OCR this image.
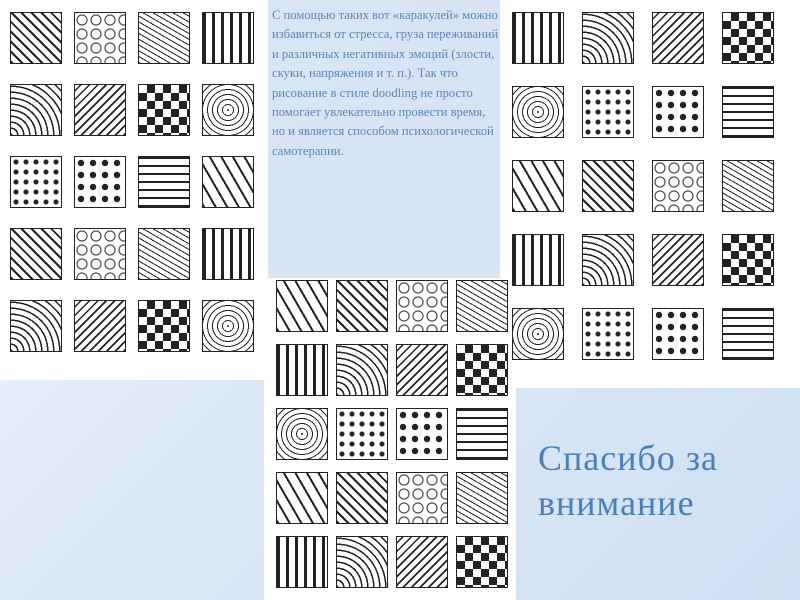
С помощью таких вот «каракулей» можно избавиться от стресса, груза переживаний и различных негативных эмоций (злости, скуки, напряжения и т. п.). Так что рисование в стиле doodling не просто помогает увлекательно провести время, но и является способом психологической самотерапии.

Спасибо за внимание
